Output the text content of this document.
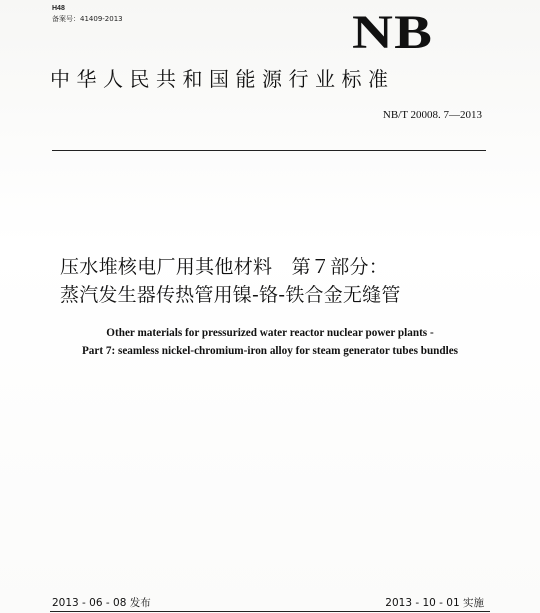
H48
备案号：41409-2013	NB
中华人民共和国能源行业标准
NB/T 20008. 7—2013
压水堆核电厂用其他材料　第７部分：
蒸汽发生器传热管用镍-铬-铁合金无缝管
Other materials for pressurized water reactor nuclear power plants -
Part 7: seamless nickel-chromium-iron alloy for steam generator tubes bundles
2013 - 06 - 08 发布	2013 - 10 - 01 实施
